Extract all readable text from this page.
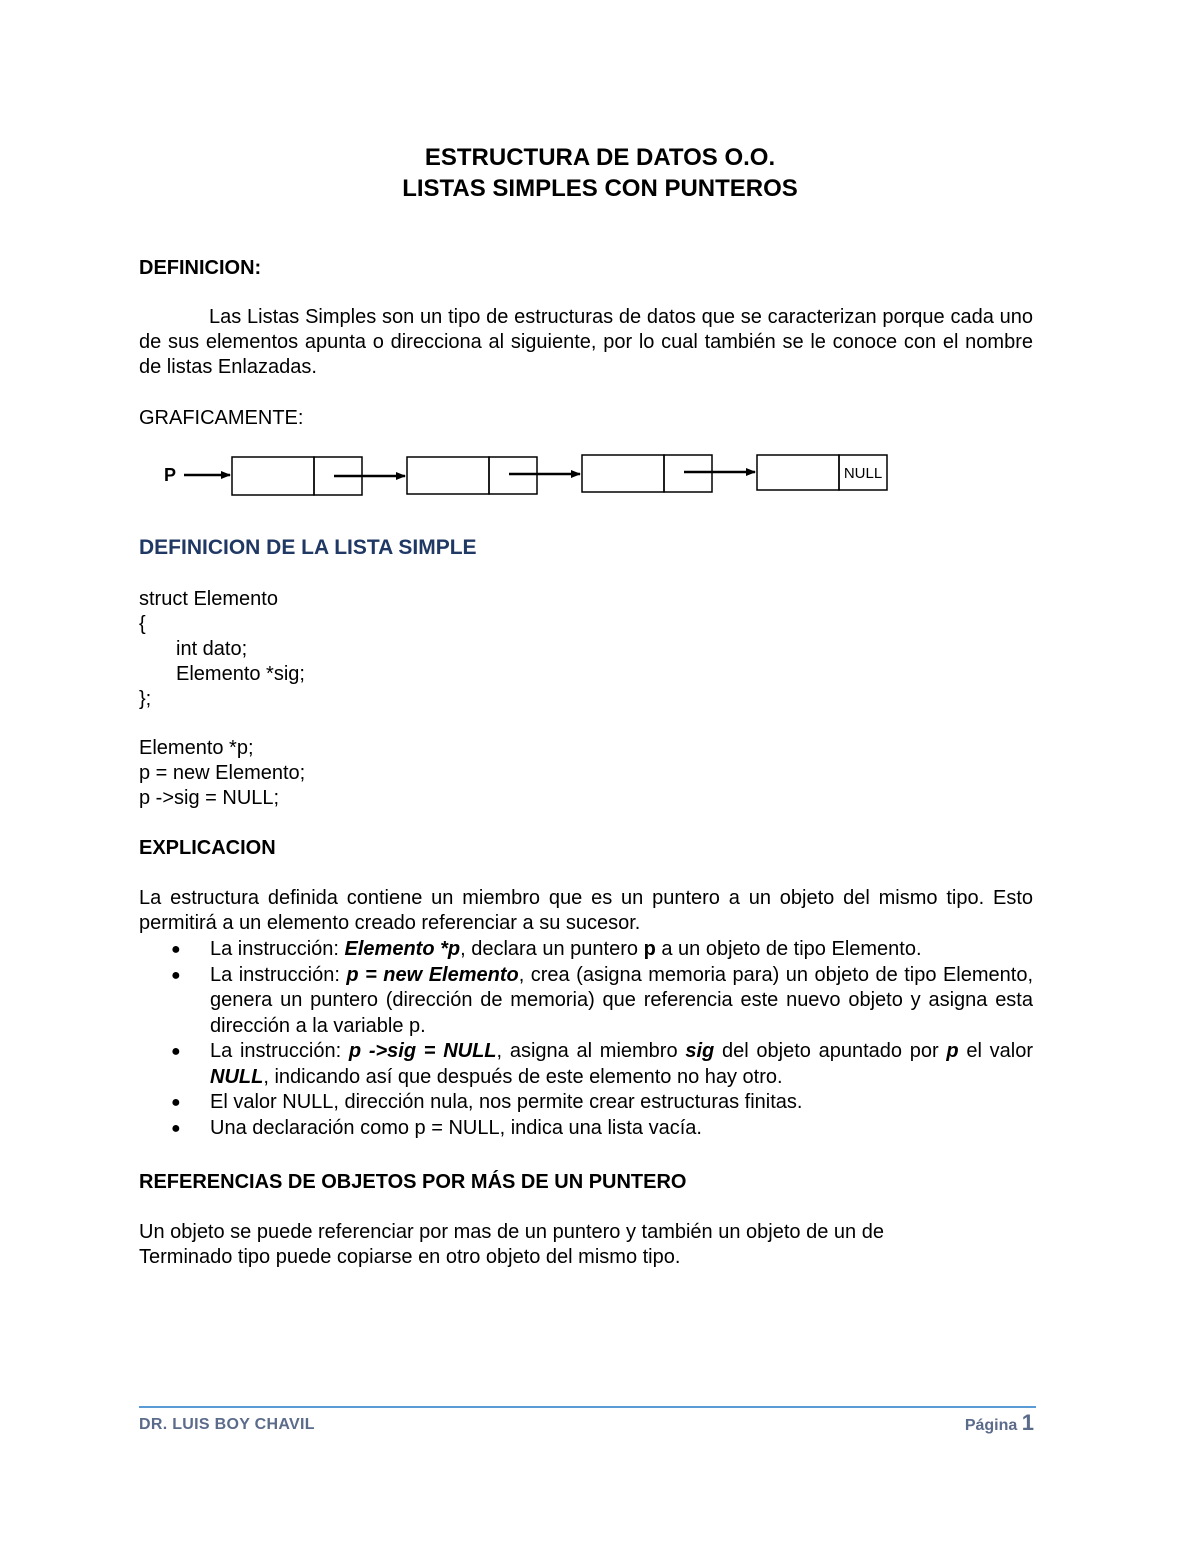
ESTRUCTURA DE DATOS O.O.
LISTAS SIMPLES CON PUNTEROS
DEFINICION:
Las Listas Simples son un tipo de estructuras de datos que se caracterizan porque cada uno de sus elementos apunta o direcciona al siguiente, por lo cual también se le conoce con el nombre de listas Enlazadas.
GRAFICAMENTE:
P	NULL
DEFINICION DE LA LISTA SIMPLE
struct Elemento
{
int dato;
Elemento *sig;
};
Elemento *p;
p = new Elemento;
p ->sig = NULL;
EXPLICACION
La estructura definida contiene un miembro que es un puntero a un objeto del mismo tipo. Esto permitirá a un elemento creado referenciar a su sucesor.
● La instrucción: Elemento *p, declara un puntero p a un objeto de tipo Elemento.
● La instrucción: p = new Elemento, crea (asigna memoria para) un objeto de tipo Elemento, genera un puntero (dirección de memoria) que referencia este nuevo objeto y asigna esta dirección a la variable p.
● La instrucción: p ->sig = NULL, asigna al miembro sig del objeto apuntado por p el valor NULL, indicando así que después de este elemento no hay otro.
● El valor NULL, dirección nula, nos permite crear estructuras finitas.
● Una declaración como p = NULL, indica una lista vacía.
REFERENCIAS DE OBJETOS POR MÁS DE UN PUNTERO
Un objeto se puede referenciar por mas de un puntero y también un objeto de un de
Terminado tipo puede copiarse en otro objeto del mismo tipo.
DR. LUIS BOY CHAVIL	Página 1
